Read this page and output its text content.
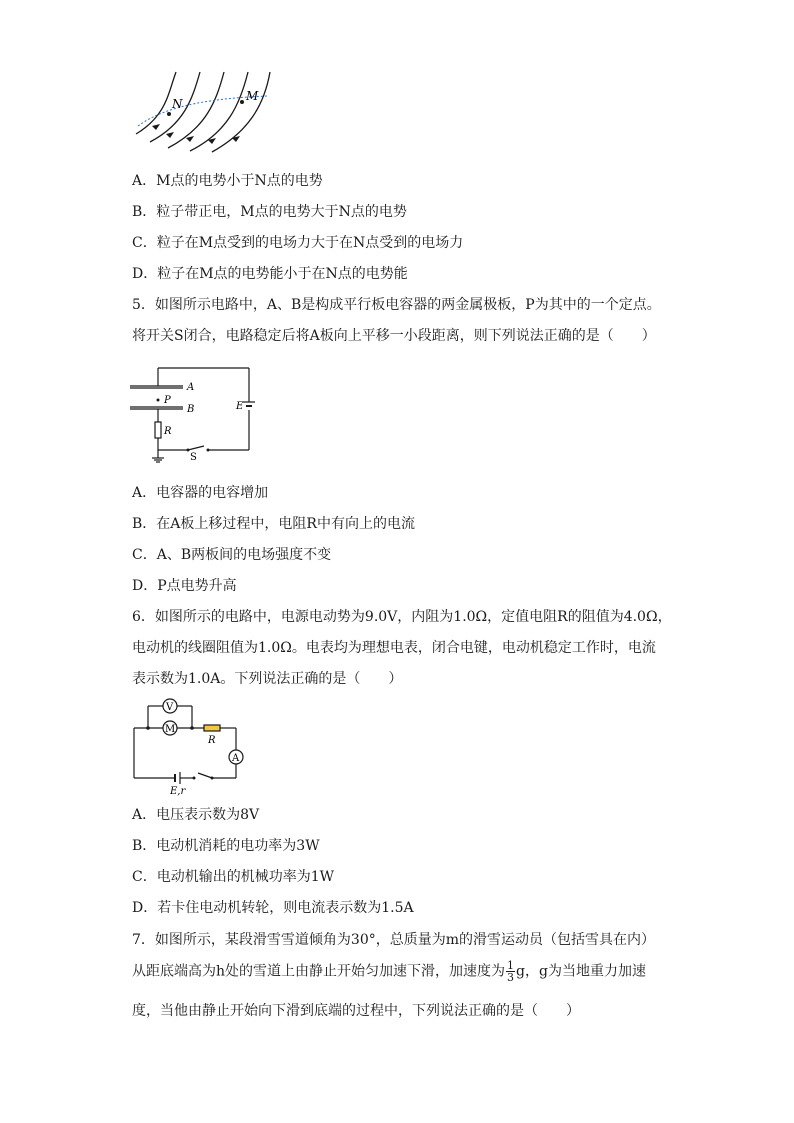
N
M
A．M点的电势小于N点的电势
B．粒子带正电，M点的电势大于N点的电势
C．粒子在M点受到的电场力大于在N点受到的电场力
D．粒子在M点的电势能小于在N点的电势能
5．如图所示电路中，A、B是构成平行板电容器的两金属极板，P为其中的一个定点。
将开关S闭合，电路稳定后将A板向上平移一小段距离，则下列说法正确的是（　　）
A
B
P
E
R
S
A．电容器的电容增加
B．在A板上移过程中，电阻R中有向上的电流
C．A、B两板间的电场强度不变
D．P点电势升高
6．如图所示的电路中，电源电动势为9.0V，内阻为1.0Ω，定值电阻R的阻值为4.0Ω，
电动机的线圈阻值为1.0Ω。电表均为理想电表，闭合电键，电动机稳定工作时，电流
表示数为1.0A。下列说法正确的是（　　）
V
M
R
A
E,r
A．电压表示数为8V
B．电动机消耗的电功率为3W
C．电动机输出的机械功率为1W
D．若卡住电动机转轮，则电流表示数为1.5A
7．如图所示，某段滑雪雪道倾角为30°，总质量为m的滑雪运动员（包括雪具在内）
从距底端高为h处的雪道上由静止开始匀加速下滑，加速度为 $\frac{1}{3}$ g，g为当地重力加速
度，当他由静止开始向下滑到底端的过程中，下列说法正确的是（　　）
